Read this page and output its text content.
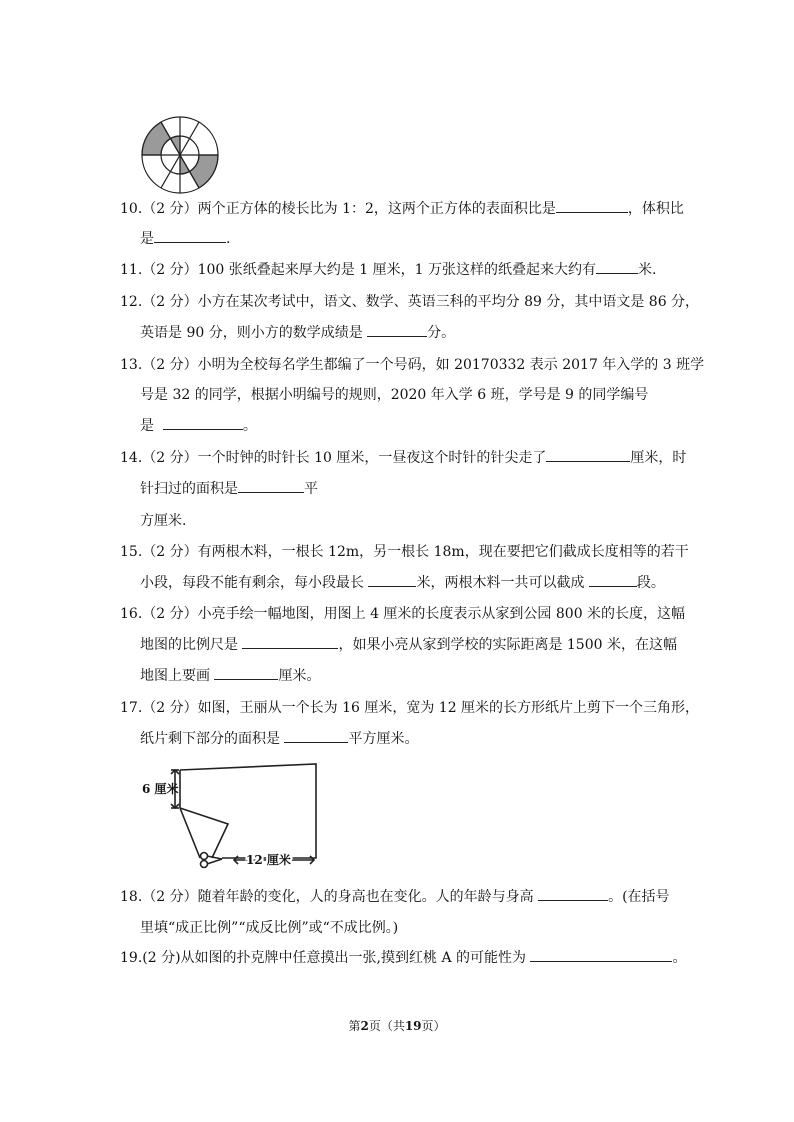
10.（2 分）两个正方体的棱长比为 1：2，这两个正方体的表面积比是	，体积比
是	.
11.（2 分）100 张纸叠起来厚大约是 1 厘米，1 万张这样的纸叠起来大约有	米.
12.（2 分）小方在某次考试中，语文、数学、英语三科的平均分 89 分，其中语文是 86 分，
英语是 90 分，则小方的数学成绩是	分。
13.（2 分）小明为全校每名学生都编了一个号码，如 20170332 表示 2017 年入学的 3 班学
号是 32 的同学，根据小明编号的规则，2020 年入学 6 班，学号是 9 的同学编号
是	。
14.（2 分）一个时钟的时针长 10 厘米，一昼夜这个时针的针尖走了	厘米，时
针扫过的面积是	平
方厘米.
15.（2 分）有两根木料，一根长 12m，另一根长 18m，现在要把它们截成长度相等的若干
小段，每段不能有剩余，每小段最长	米，两根木料一共可以截成	段。
16.（2 分）小亮手绘一幅地图，用图上 4 厘米的长度表示从家到公园 800 米的长度，这幅
地图的比例尺是	，如果小亮从家到学校的实际距离是 1500 米，在这幅
地图上要画	厘米。
17.（2 分）如图，王丽从一个长为 16 厘米，宽为 12 厘米的长方形纸片上剪下一个三角形，
纸片剩下部分的面积是	平方厘米。
6 厘米
12 厘米
18.（2 分）随着年龄的变化，人的身高也在变化。人的年龄与身高	。(在括号
里填“成正比例”“成反比例”或“不成比例。)
19.(2 分)从如图的扑克牌中任意摸出一张,摸到红桃 A 的可能性为	。
第2页（共19页）
